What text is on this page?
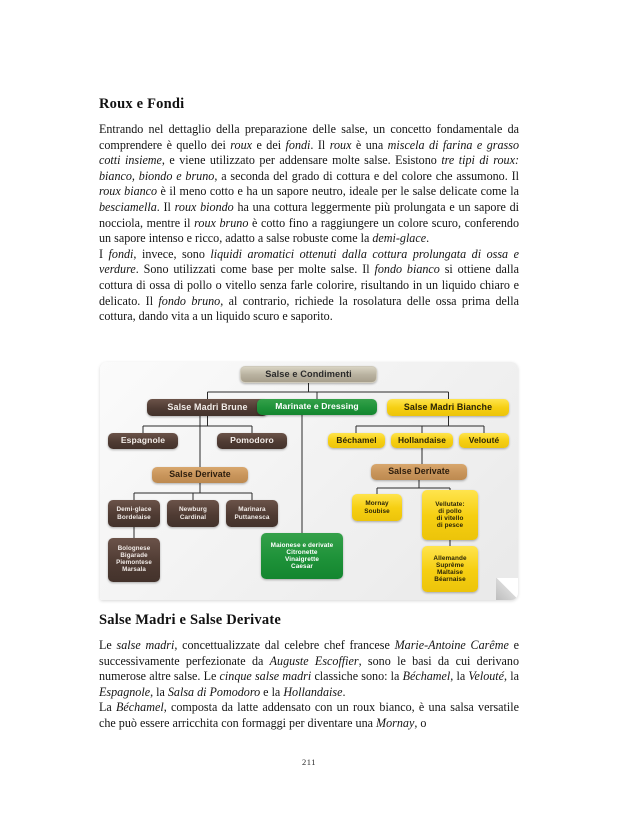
Roux e Fondi

Entrando nel dettaglio della preparazione delle salse, un concetto fondamentale da comprendere è quello dei roux e dei fondi. Il roux è una miscela di farina e grasso cotti insieme, e viene utilizzato per addensare molte salse. Esistono tre tipi di roux: bianco, biondo e bruno, a seconda del grado di cottura e del colore che assumono. Il roux bianco è il meno cotto e ha un sapore neutro, ideale per le salse delicate come la besciamella. Il roux biondo ha una cottura leggermente più prolungata e un sapore di nocciola, mentre il roux bruno è cotto fino a raggiungere un colore scuro, conferendo un sapore intenso e ricco, adatto a salse robuste come la demi-glace.

I fondi, invece, sono liquidi aromatici ottenuti dalla cottura prolungata di ossa e verdure. Sono utilizzati come base per molte salse. Il fondo bianco si ottiene dalla cottura di ossa di pollo o vitello senza farle colorire, risultando in un liquido chiaro e delicato. Il fondo bruno, al contrario, richiede la rosolatura delle ossa prima della cottura, dando vita a un liquido scuro e saporito.

Salse e Condimenti
Salse Madri Brune	Marinate e Dressing	Salse Madri Bianche
Espagnole	Pomodoro	Béchamel	Hollandaise	Velouté
Salse Derivate	Salse Derivate
Demi-glace
Bordelaise
Newburg
Cardinal
Marinara
Puttanesca
Bolognese
Bigarade
Piemontese
Marsala
Maionese e derivate
Citronette
Vinaigrette
Caesar
Mornay
Soubise
Vellutate:
di pollo
di vitello
di pesce
Allemande
Suprême
Maltaise
Béarnaise
Salse Madri e Salse Derivate

Le salse madri, concettualizzate dal celebre chef francese Marie-Antoine Carême e successivamente perfezionate da Auguste Escoffier, sono le basi da cui derivano numerose altre salse. Le cinque salse madri classiche sono: la Béchamel, la Velouté, la Espagnole, la Salsa di Pomodoro e la Hollandaise.

La Béchamel, composta da latte addensato con un roux bianco, è una salsa versatile che può essere arricchita con formaggi per diventare una Mornay, o

211
